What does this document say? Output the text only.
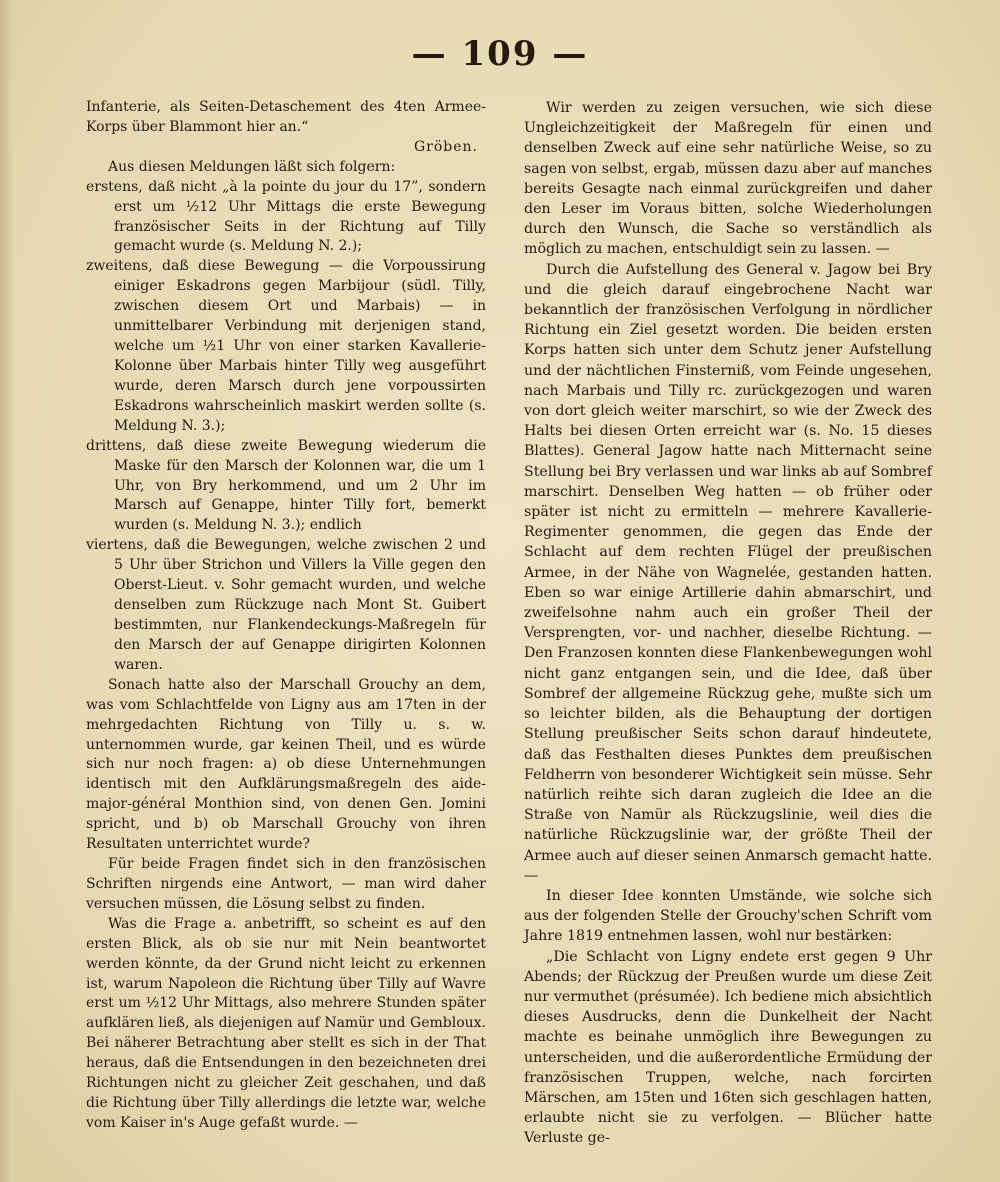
— 109 —

Infanterie, als Seiten-Detaschement des 4ten Armee-Korps über Blammont hier an.“

Gröben.

Aus diesen Meldungen läßt sich folgern:

erstens, daß nicht „à la pointe du jour du 17”, sondern erst um ½12 Uhr Mittags die erste Bewegung französischer Seits in der Richtung auf Tilly gemacht wurde (s. Meldung N. 2.);

zweitens, daß diese Bewegung — die Vorpoussirung einiger Eskadrons gegen Marbijour (südl. Tilly, zwischen diesem Ort und Marbais) — in unmittelbarer Verbindung mit derjenigen stand, welche um ½1 Uhr von einer starken Kavallerie-Kolonne über Marbais hinter Tilly weg ausgeführt wurde, deren Marsch durch jene vorpoussirten Eskadrons wahrscheinlich maskirt werden sollte (s. Meldung N. 3.);

drittens, daß diese zweite Bewegung wiederum die Maske für den Marsch der Kolonnen war, die um 1 Uhr, von Bry herkommend, und um 2 Uhr im Marsch auf Genappe, hinter Tilly fort, bemerkt wurden (s. Meldung N. 3.); endlich

viertens, daß die Bewegungen, welche zwischen 2 und 5 Uhr über Strichon und Villers la Ville gegen den Oberst-Lieut. v. Sohr gemacht wurden, und welche denselben zum Rückzuge nach Mont St. Guibert bestimmten, nur Flankendeckungs-Maßregeln für den Marsch der auf Genappe dirigirten Kolonnen waren.

Sonach hatte also der Marschall Grouchy an dem, was vom Schlachtfelde von Ligny aus am 17ten in der mehrgedachten Richtung von Tilly u. s. w. unternommen wurde, gar keinen Theil, und es würde sich nur noch fragen: a) ob diese Unternehmungen identisch mit den Aufklärungsmaßregeln des aide-major-général Monthion sind, von denen Gen. Jomini spricht, und b) ob Marschall Grouchy von ihren Resultaten unterrichtet wurde?

Für beide Fragen findet sich in den französischen Schriften nirgends eine Antwort, — man wird daher versuchen müssen, die Lösung selbst zu finden.

Was die Frage a. anbetrifft, so scheint es auf den ersten Blick, als ob sie nur mit Nein beantwortet werden könnte, da der Grund nicht leicht zu erkennen ist, warum Napoleon die Richtung über Tilly auf Wavre erst um ½12 Uhr Mittags, also mehrere Stunden später aufklären ließ, als diejenigen auf Namür und Gembloux. Bei näherer Betrachtung aber stellt es sich in der That heraus, daß die Entsendungen in den bezeichneten drei Richtungen nicht zu gleicher Zeit geschahen, und daß die Richtung über Tilly allerdings die letzte war, welche vom Kaiser in's Auge gefaßt wurde. —

Wir werden zu zeigen versuchen, wie sich diese Ungleichzeitigkeit der Maßregeln für einen und denselben Zweck auf eine sehr natürliche Weise, so zu sagen von selbst, ergab, müssen dazu aber auf manches bereits Gesagte nach einmal zurückgreifen und daher den Leser im Voraus bitten, solche Wiederholungen durch den Wunsch, die Sache so verständlich als möglich zu machen, entschuldigt sein zu lassen. —

Durch die Aufstellung des General v. Jagow bei Bry und die gleich darauf eingebrochene Nacht war bekanntlich der französischen Verfolgung in nördlicher Richtung ein Ziel gesetzt worden. Die beiden ersten Korps hatten sich unter dem Schutz jener Aufstellung und der nächtlichen Finsterniß, vom Feinde ungesehen, nach Marbais und Tilly rc. zurückgezogen und waren von dort gleich weiter marschirt, so wie der Zweck des Halts bei diesen Orten erreicht war (s. No. 15 dieses Blattes). General Jagow hatte nach Mitternacht seine Stellung bei Bry verlassen und war links ab auf Sombref marschirt. Denselben Weg hatten — ob früher oder später ist nicht zu ermitteln — mehrere Kavallerie-Regimenter genommen, die gegen das Ende der Schlacht auf dem rechten Flügel der preußischen Armee, in der Nähe von Wagnelée, gestanden hatten. Eben so war einige Artillerie dahin abmarschirt, und zweifelsohne nahm auch ein großer Theil der Versprengten, vor- und nachher, dieselbe Richtung. — Den Franzosen konnten diese Flankenbewegungen wohl nicht ganz entgangen sein, und die Idee, daß über Sombref der allgemeine Rückzug gehe, mußte sich um so leichter bilden, als die Behauptung der dortigen Stellung preußischer Seits schon darauf hindeutete, daß das Festhalten dieses Punktes dem preußischen Feldherrn von besonderer Wichtigkeit sein müsse. Sehr natürlich reihte sich daran zugleich die Idee an die Straße von Namür als Rückzugslinie, weil dies die natürliche Rückzugslinie war, der größte Theil der Armee auch auf dieser seinen Anmarsch gemacht hatte. —

In dieser Idee konnten Umstände, wie solche sich aus der folgenden Stelle der Grouchy'schen Schrift vom Jahre 1819 entnehmen lassen, wohl nur bestärken:

„Die Schlacht von Ligny endete erst gegen 9 Uhr Abends; der Rückzug der Preußen wurde um diese Zeit nur vermuthet (présumée). Ich bediene mich absichtlich dieses Ausdrucks, denn die Dunkelheit der Nacht machte es beinahe unmöglich ihre Bewegungen zu unterscheiden, und die außerordentliche Ermüdung der französischen Truppen, welche, nach forcirten Märschen, am 15ten und 16ten sich geschlagen hatten, erlaubte nicht sie zu verfolgen. — Blücher hatte Verluste ge-
